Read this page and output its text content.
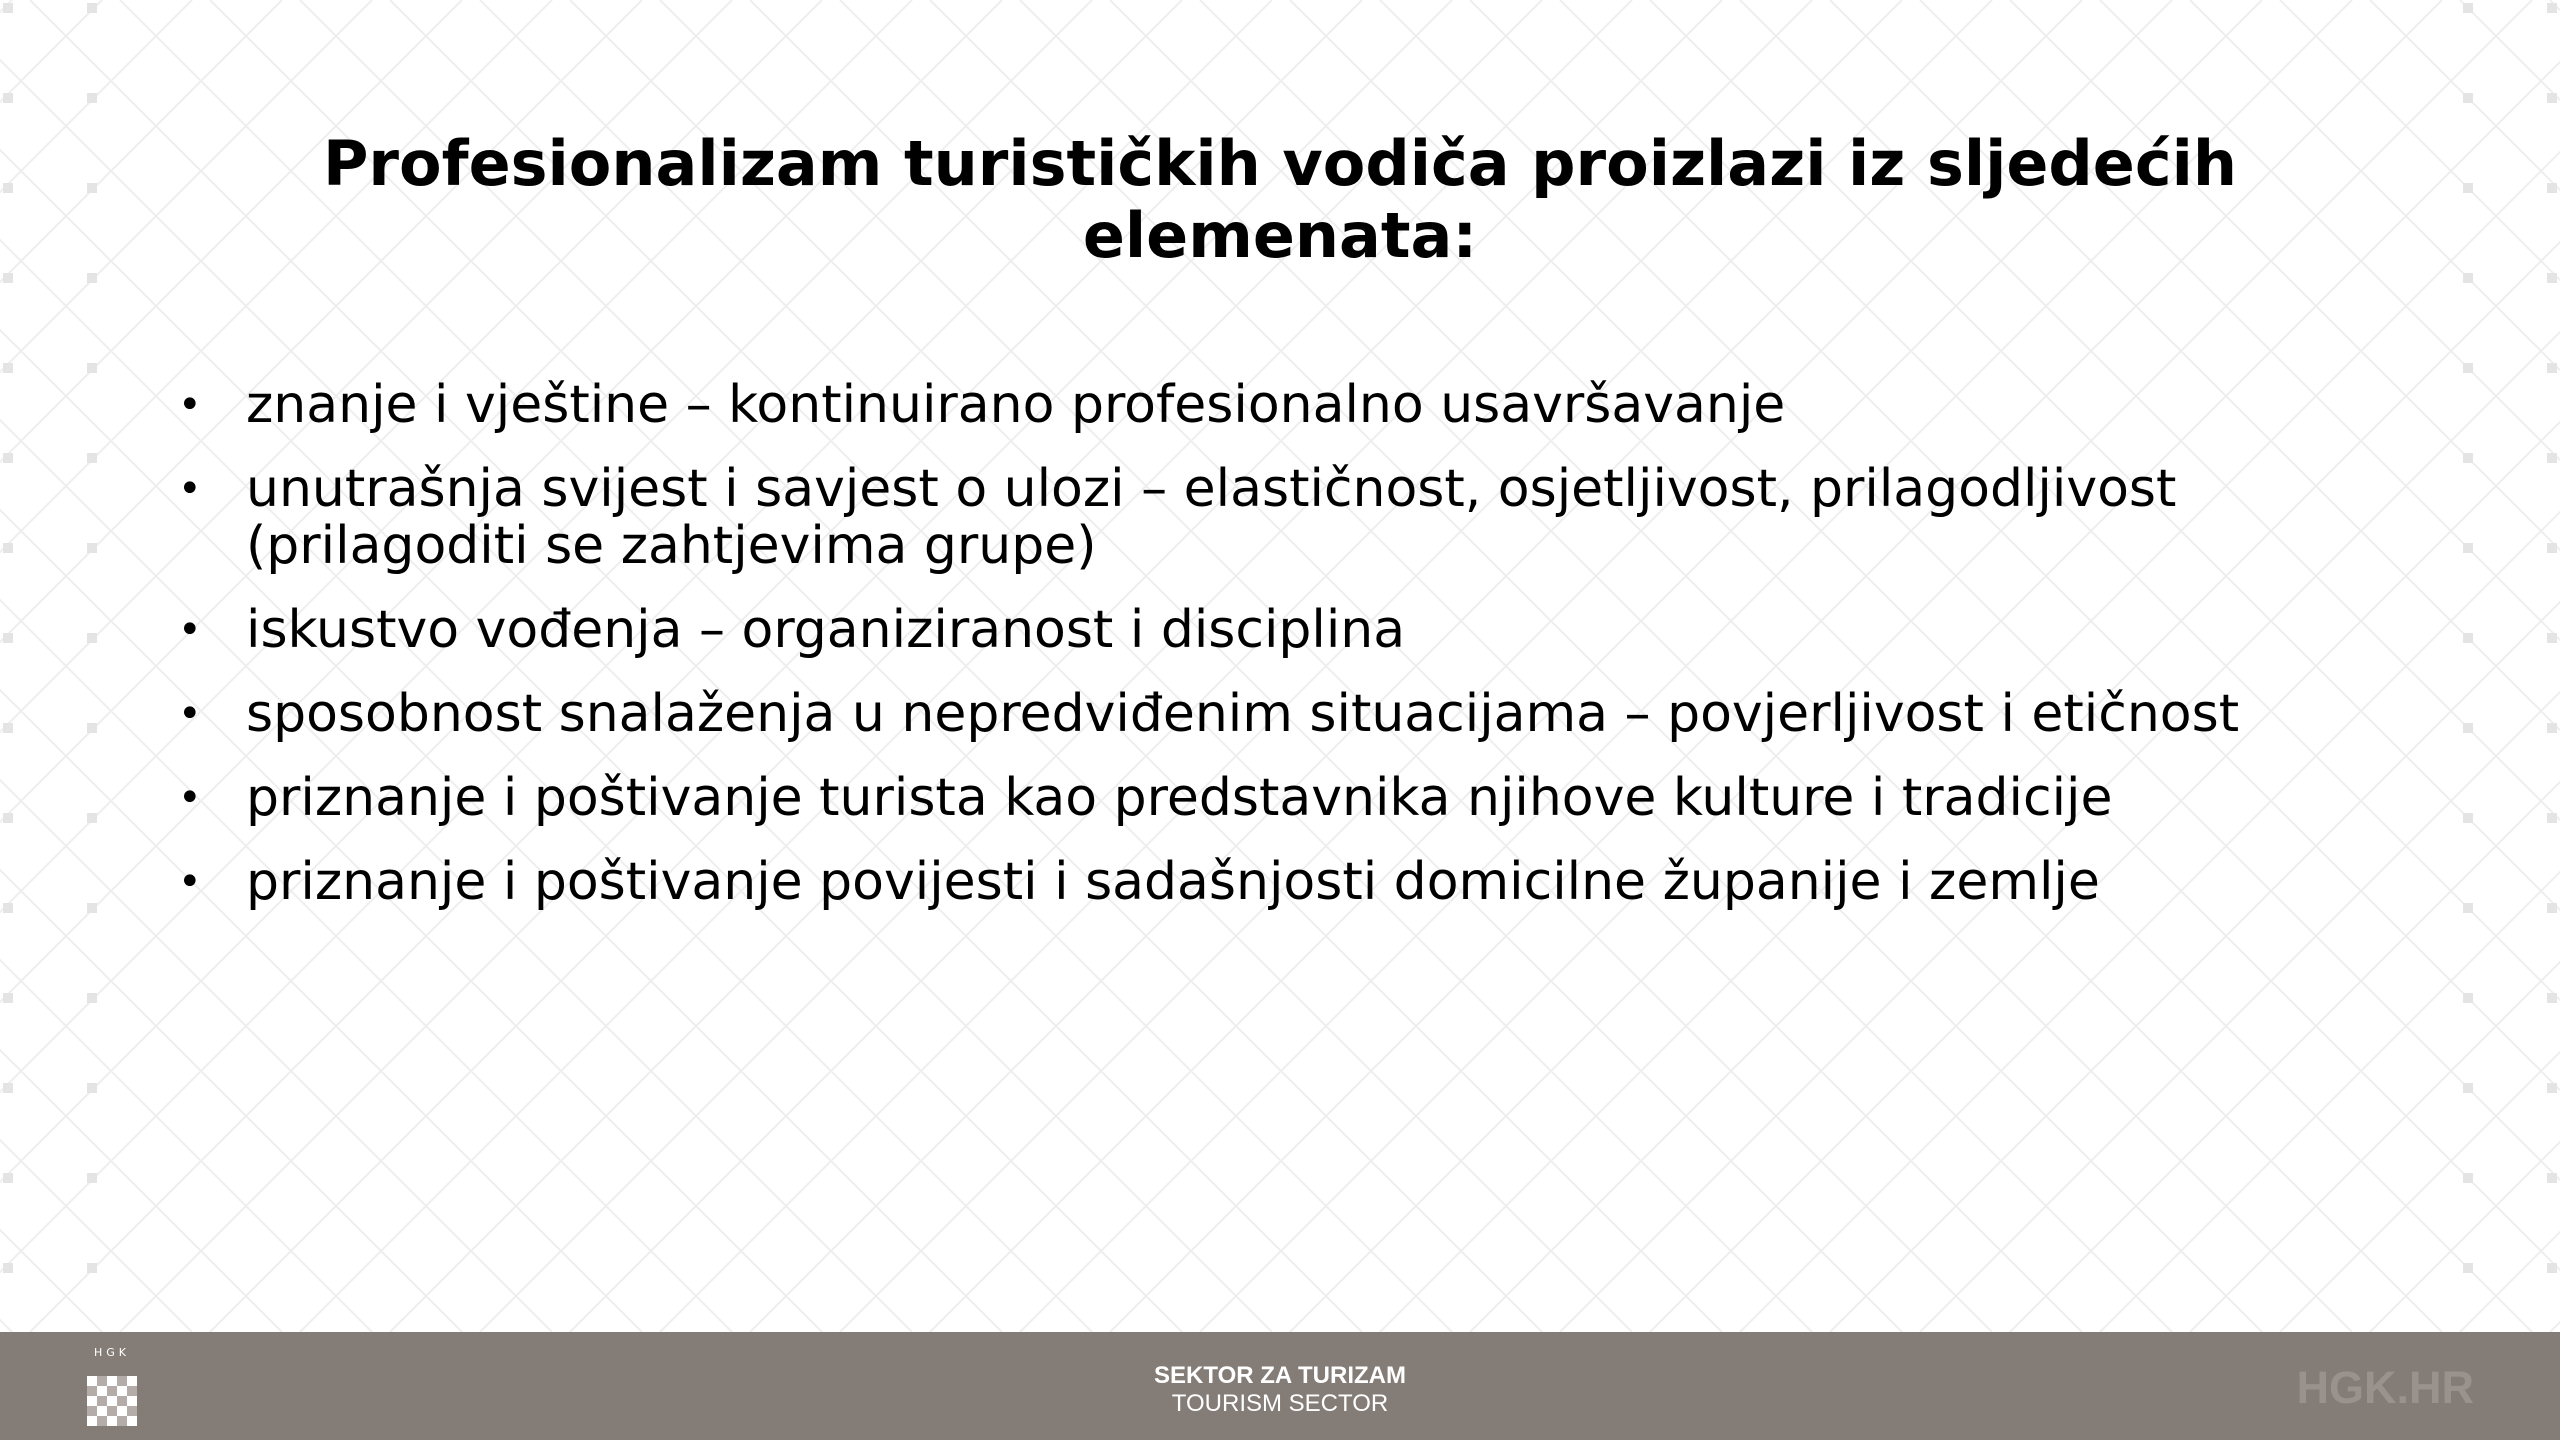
Profesionalizam turističkih vodiča proizlazi iz sljedećih elemenata:
• znanje i vještine – kontinuirano profesionalno usavršavanje
• unutrašnja svijest i savjest o ulozi – elastičnost, osjetljivost, prilagodljivost (prilagoditi se zahtjevima grupe)
• iskustvo vođenja – organiziranost i disciplina
• sposobnost snalaženja u nepredviđenim situacijama – povjerljivost i etičnost
• priznanje i poštivanje turista kao predstavnika njihove kulture i tradicije
• priznanje i poštivanje povijesti i sadašnjosti domicilne županije i zemlje
HGK
SEKTOR ZA TURIZAM
TOURISM SECTOR	HGK.HR
